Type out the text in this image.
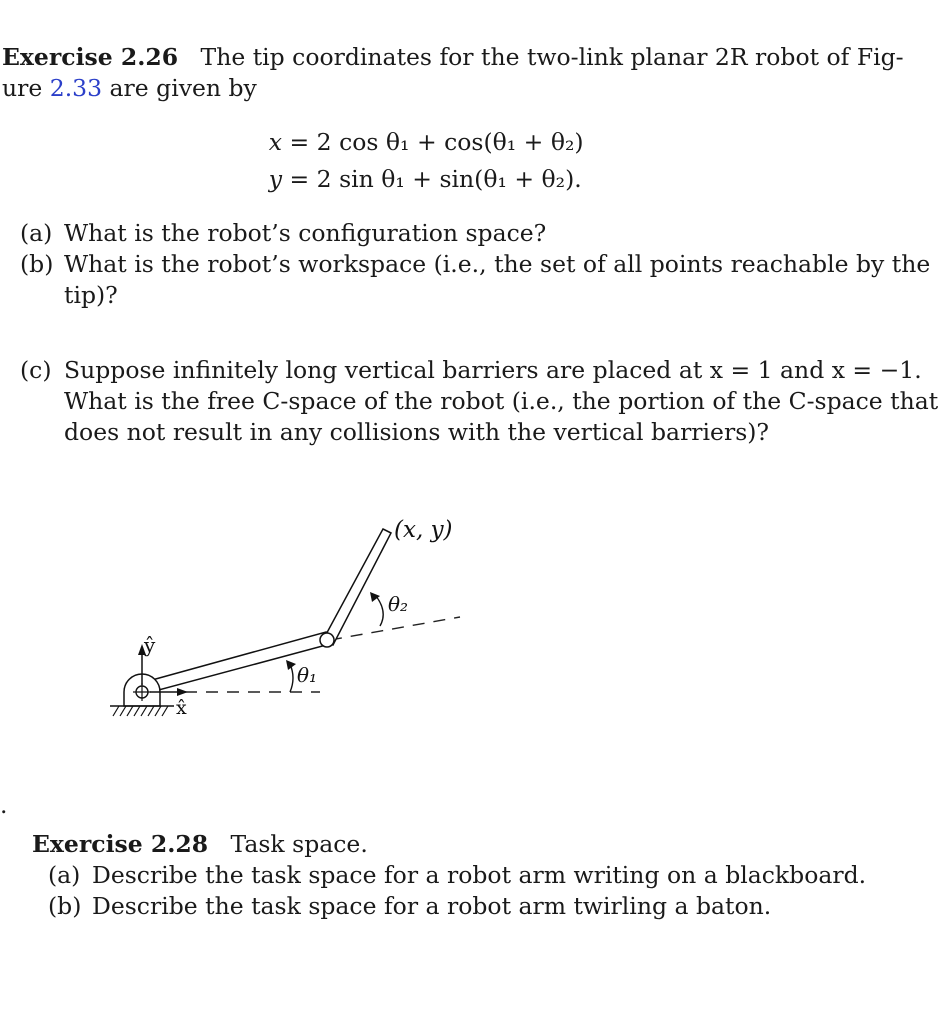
Exercise 2.26 The tip coordinates for the two-link planar 2R robot of Fig-
ure 2.33 are given by
x = 2 cos θ₁ + cos(θ₁ + θ₂)
y = 2 sin θ₁ + sin(θ₁ + θ₂).
(a) What is the robot’s configuration space?
(b) What is the robot’s workspace (i.e., the set of all points reachable by the
tip)?
(c) Suppose infinitely long vertical barriers are placed at x = 1 and x = −1.
What is the free C-space of the robot (i.e., the portion of the C-space that
does not result in any collisions with the vertical barriers)?
(x, y)
θ₂
θ₁
ŷ
x̂
.
Exercise 2.28 Task space.
(a) Describe the task space for a robot arm writing on a blackboard.
(b) Describe the task space for a robot arm twirling a baton.
